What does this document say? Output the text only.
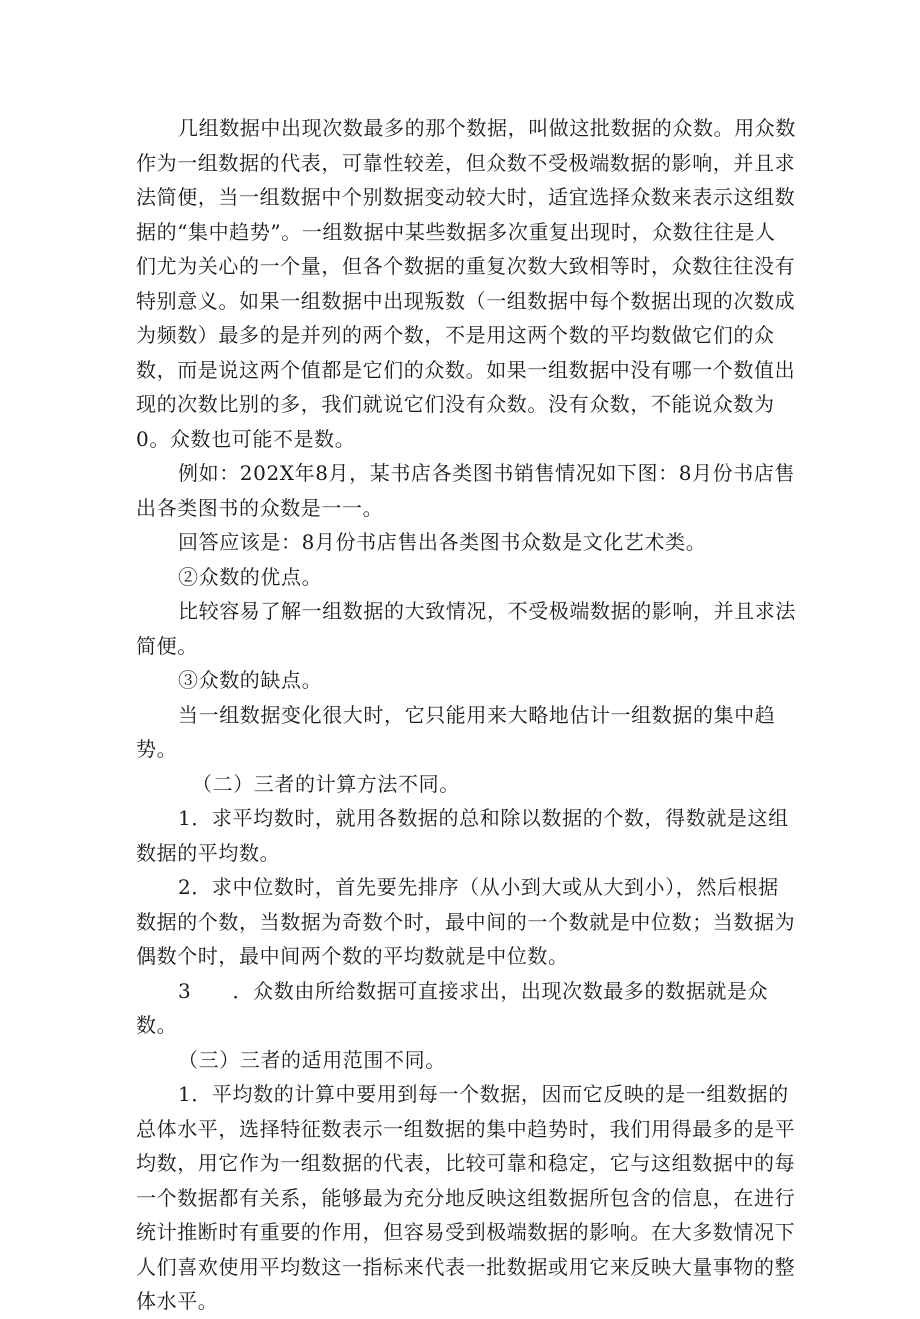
几组数据中出现次数最多的那个数据，叫做这批数据的众数。用众数作为一组数据的代表，可靠性较差，但众数不受极端数据的影响，并且求法简便，当一组数据中个别数据变动较大时，适宜选择众数来表示这组数据的“集中趋势”。一组数据中某些数据多次重复出现时，众数往往是人们尤为关心的一个量，但各个数据的重复次数大致相等时，众数往往没有特别意义。如果一组数据中出现叛数（一组数据中每个数据出现的次数成为频数）最多的是并列的两个数，不是用这两个数的平均数做它们的众数，而是说这两个值都是它们的众数。如果一组数据中没有哪一个数值出现的次数比别的多，我们就说它们没有众数。没有众数，不能说众数为0。众数也可能不是数。

例如：202X年8月，某书店各类图书销售情况如下图：8月份书店售出各类图书的众数是一一。

回答应该是：8月份书店售出各类图书众数是文化艺术类。

②众数的优点。

比较容易了解一组数据的大致情况，不受极端数据的影响，并且求法简便。

③众数的缺点。

当一组数据变化很大时，它只能用来大略地估计一组数据的集中趋势。

（二）三者的计算方法不同。

1．求平均数时，就用各数据的总和除以数据的个数，得数就是这组数据的平均数。

2．求中位数时，首先要先排序（从小到大或从大到小），然后根据数据的个数，当数据为奇数个时，最中间的一个数就是中位数；当数据为偶数个时，最中间两个数的平均数就是中位数。

3　　．众数由所给数据可直接求出，出现次数最多的数据就是众数。

（三）三者的适用范围不同。

1．平均数的计算中要用到每一个数据，因而它反映的是一组数据的总体水平，选择特征数表示一组数据的集中趋势时，我们用得最多的是平均数，用它作为一组数据的代表，比较可靠和稳定，它与这组数据中的每一个数据都有关系，能够最为充分地反映这组数据所包含的信息，在进行统计推断时有重要的作用，但容易受到极端数据的影响。在大多数情况下人们喜欢使用平均数这一指标来代表一批数据或用它来反映大量事物的整体水平。
